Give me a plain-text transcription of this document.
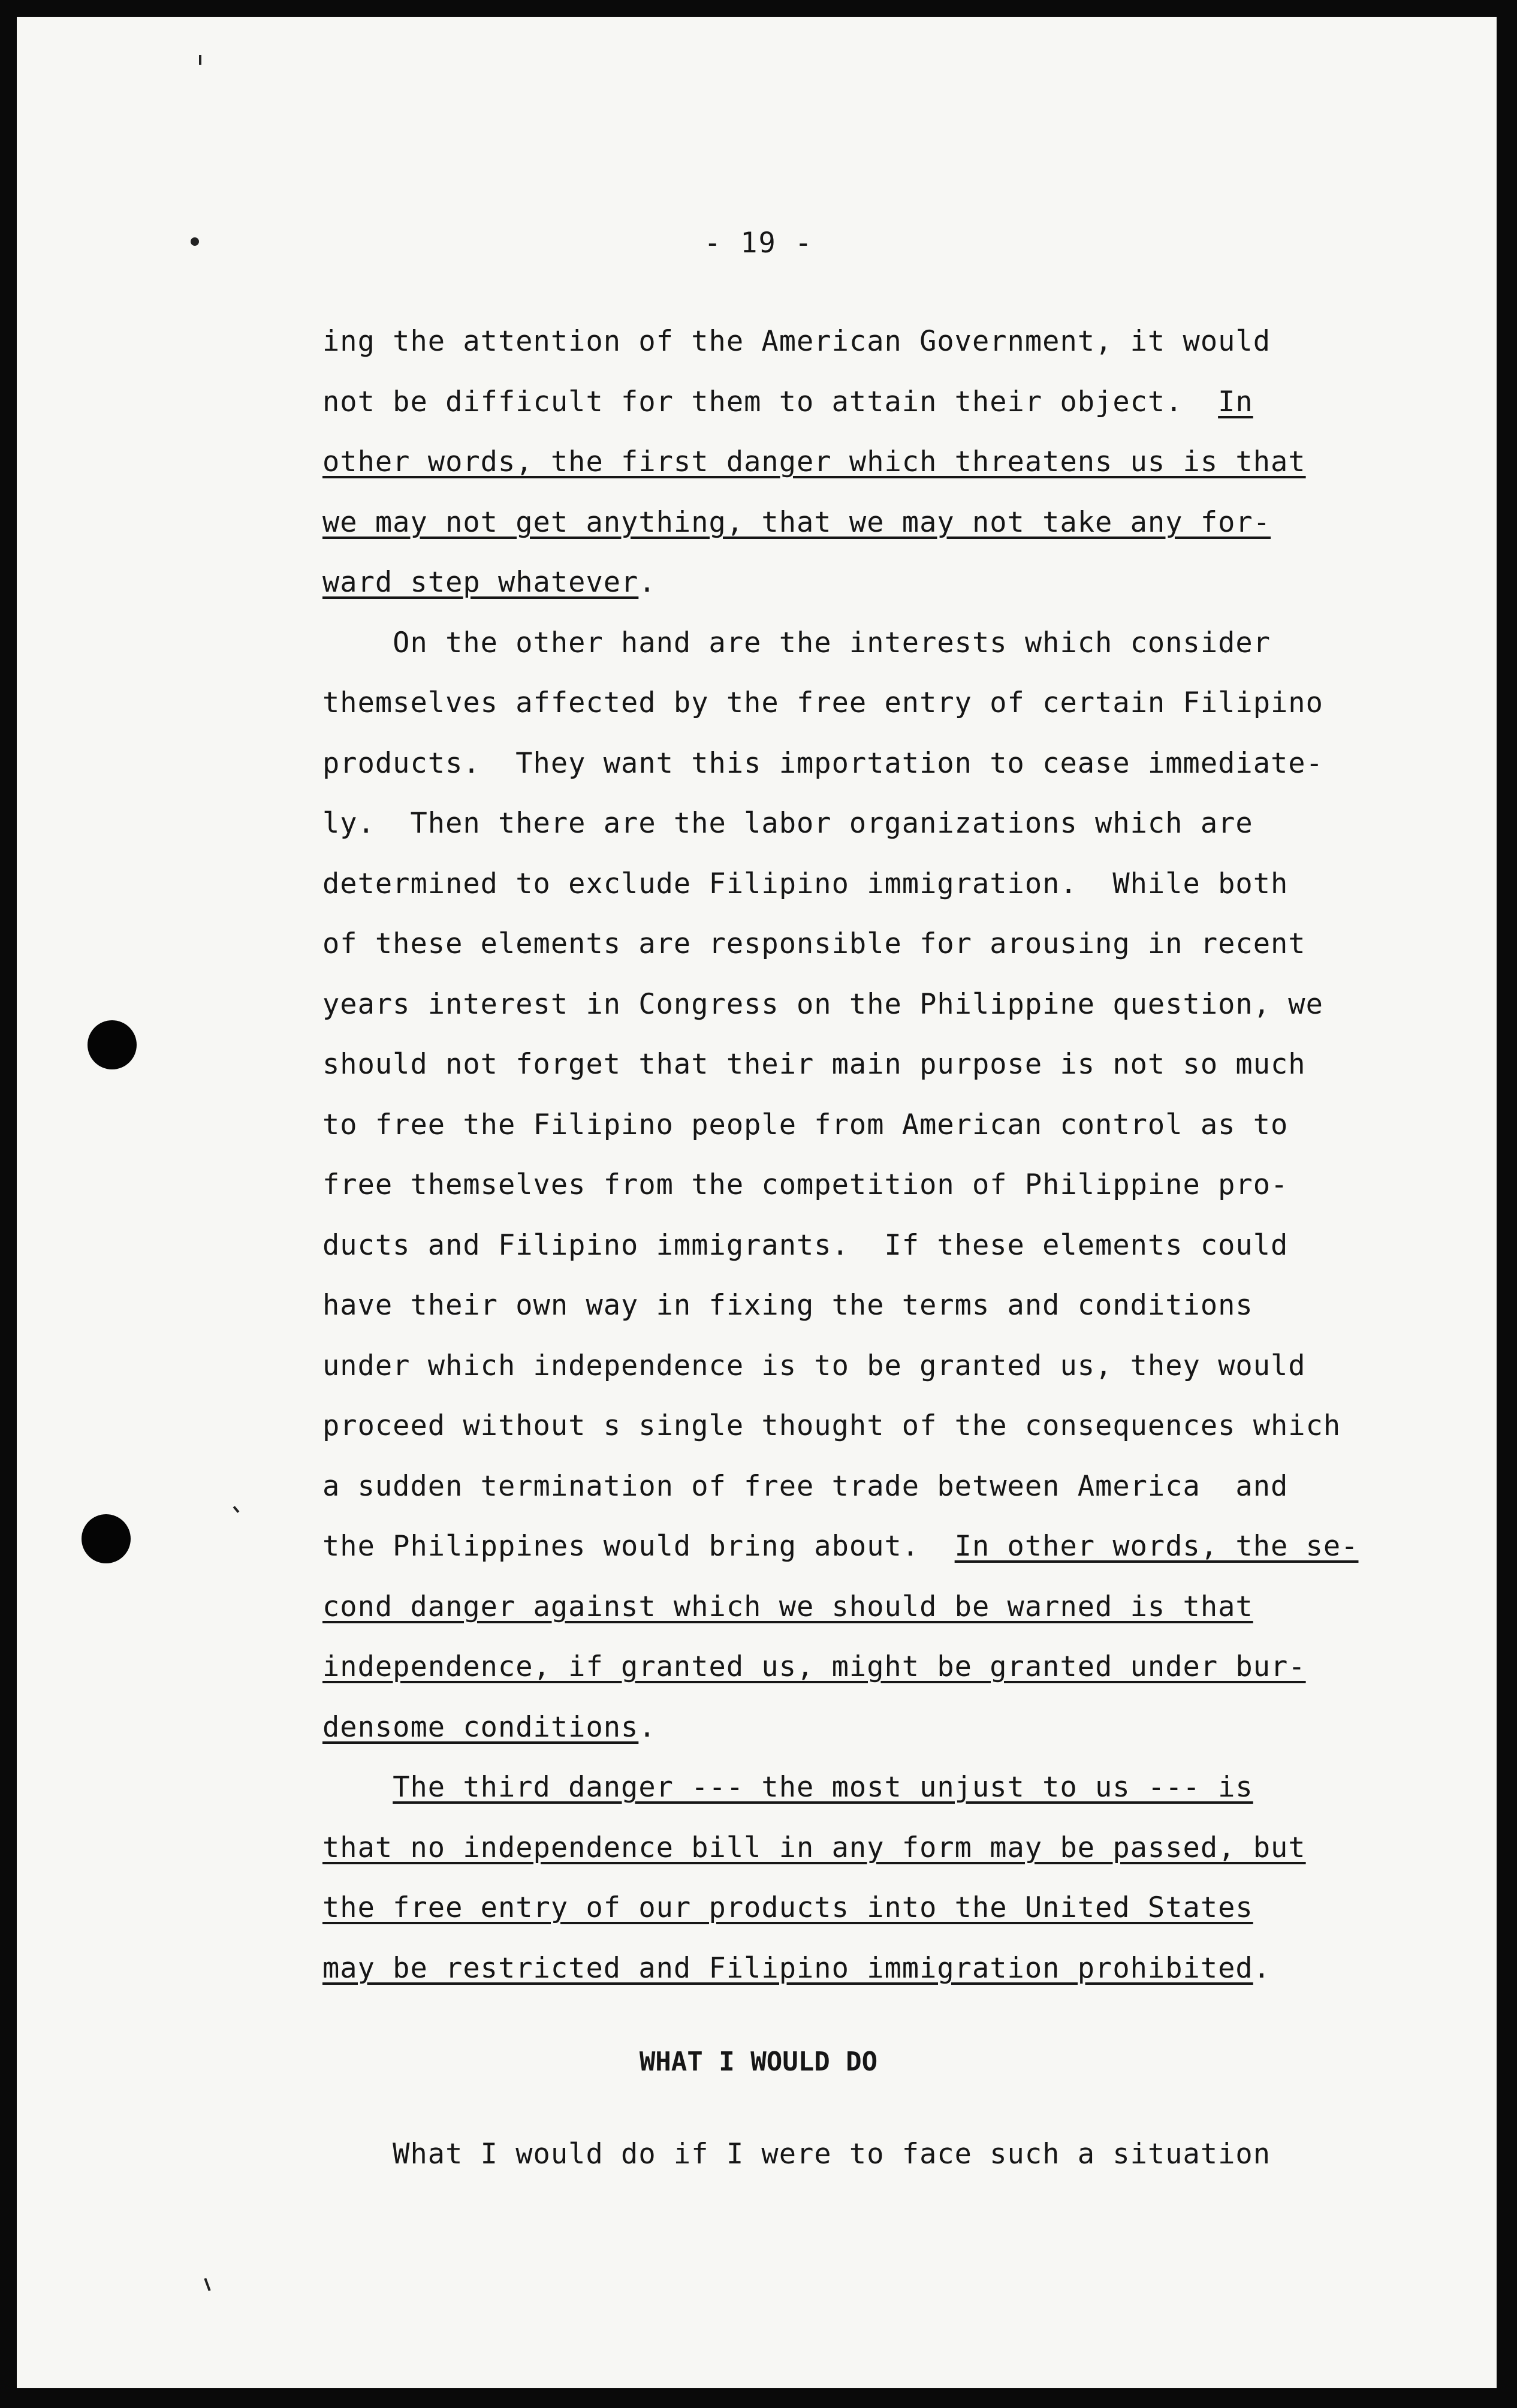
- 19 -

ing the attention of the American Government, it would

not be difficult for them to attain their object.  In

other words, the first danger which threatens us is that

we may not get anything, that we may not take any for-

ward step whatever.

On the other hand are the interests which consider

themselves affected by the free entry of certain Filipino

products.  They want this importation to cease immediate-

ly.  Then there are the labor organizations which are

determined to exclude Filipino immigration.  While both

of these elements are responsible for arousing in recent

years interest in Congress on the Philippine question, we

should not forget that their main purpose is not so much

to free the Filipino people from American control as to

free themselves from the competition of Philippine pro-

ducts and Filipino immigrants.  If these elements could

have their own way in fixing the terms and conditions

under which independence is to be granted us, they would

proceed without s single thought of the consequences which

a sudden termination of free trade between America  and

the Philippines would bring about.  In other words, the se-

cond danger against which we should be warned is that

independence, if granted us, might be granted under bur-

densome conditions.

The third danger --- the most unjust to us --- is

that no independence bill in any form may be passed, but

the free entry of our products into the United States

may be restricted and Filipino immigration prohibited.

What I would do if I were to face such a situation

WHAT I WOULD DO
